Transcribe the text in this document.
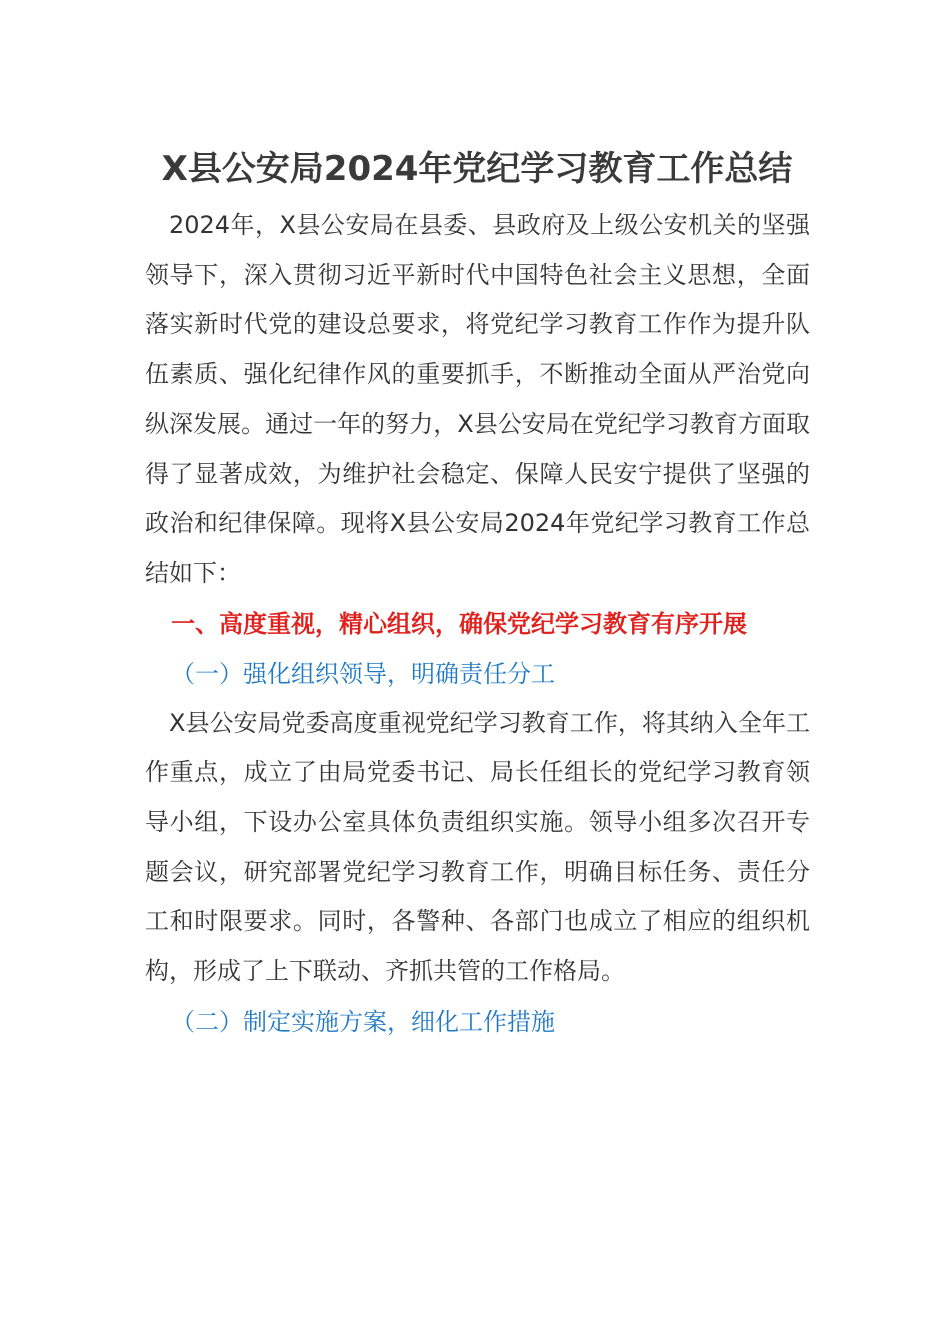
X县公安局2024年党纪学习教育工作总结

2024年，X县公安局在县委、县政府及上级公安机关的坚强领导下，深入贯彻习近平新时代中国特色社会主义思想，全面落实新时代党的建设总要求，将党纪学习教育工作作为提升队伍素质、强化纪律作风的重要抓手，不断推动全面从严治党向纵深发展。通过一年的努力，X县公安局在党纪学习教育方面取得了显著成效，为维护社会稳定、保障人民安宁提供了坚强的政治和纪律保障。现将X县公安局2024年党纪学习教育工作总结如下：

一、高度重视，精心组织，确保党纪学习教育有序开展

（一）强化组织领导，明确责任分工

X县公安局党委高度重视党纪学习教育工作，将其纳入全年工作重点，成立了由局党委书记、局长任组长的党纪学习教育领导小组，下设办公室具体负责组织实施。领导小组多次召开专题会议，研究部署党纪学习教育工作，明确目标任务、责任分工和时限要求。同时，各警种、各部门也成立了相应的组织机构，形成了上下联动、齐抓共管的工作格局。

（二）制定实施方案，细化工作措施
